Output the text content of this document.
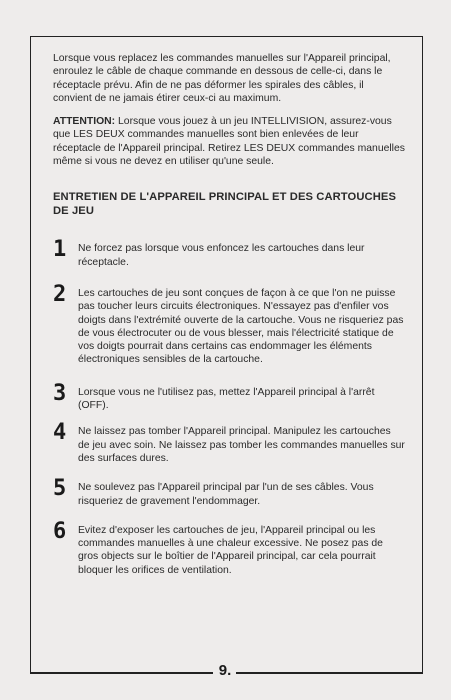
9.

Lorsque vous replacez les commandes manuelles sur l'Appareil principal, enroulez le câble de chaque commande en dessous de celle-ci, dans le réceptacle prévu. Afin de ne pas déformer les spirales des câbles, il convient de ne jamais étirer ceux-ci au maximum.

ATTENTION: Lorsque vous jouez à un jeu INTELLIVISION, assurez-vous que LES DEUX commandes manuelles sont bien enlevées de leur réceptacle de l'Appareil principal. Retirez LES DEUX commandes manuelles même si vous ne devez en utiliser qu'une seule.

ENTRETIEN DE L'APPAREIL PRINCIPAL ET DES CARTOUCHES DE JEU
1 Ne forcez pas lorsque vous enfoncez les cartouches dans leur réceptacle.
2 Les cartouches de jeu sont conçues de façon à ce que l'on ne puisse pas toucher leurs circuits électroniques. N'essayez pas d'enfiler vos doigts dans l'extrémité ouverte de la cartouche. Vous ne risqueriez pas de vous électrocuter ou de vous blesser, mais l'électricité statique de vos doigts pourrait dans certains cas endommager les éléments électroniques sensibles de la cartouche.
3 Lorsque vous ne l'utilisez pas, mettez l'Appareil principal à l'arrêt (OFF).
4 Ne laissez pas tomber l'Appareil principal. Manipulez les cartouches de jeu avec soin. Ne laissez pas tomber les commandes manuelles sur des surfaces dures.
5 Ne soulevez pas l'Appareil principal par l'un de ses câbles. Vous risqueriez de gravement l'endommager.
6 Evitez d'exposer les cartouches de jeu, l'Appareil principal ou les commandes manuelles à une chaleur excessive. Ne posez pas de gros objects sur le boîtier de l'Appareil principal, car cela pourrait bloquer les orifices de ventilation.
